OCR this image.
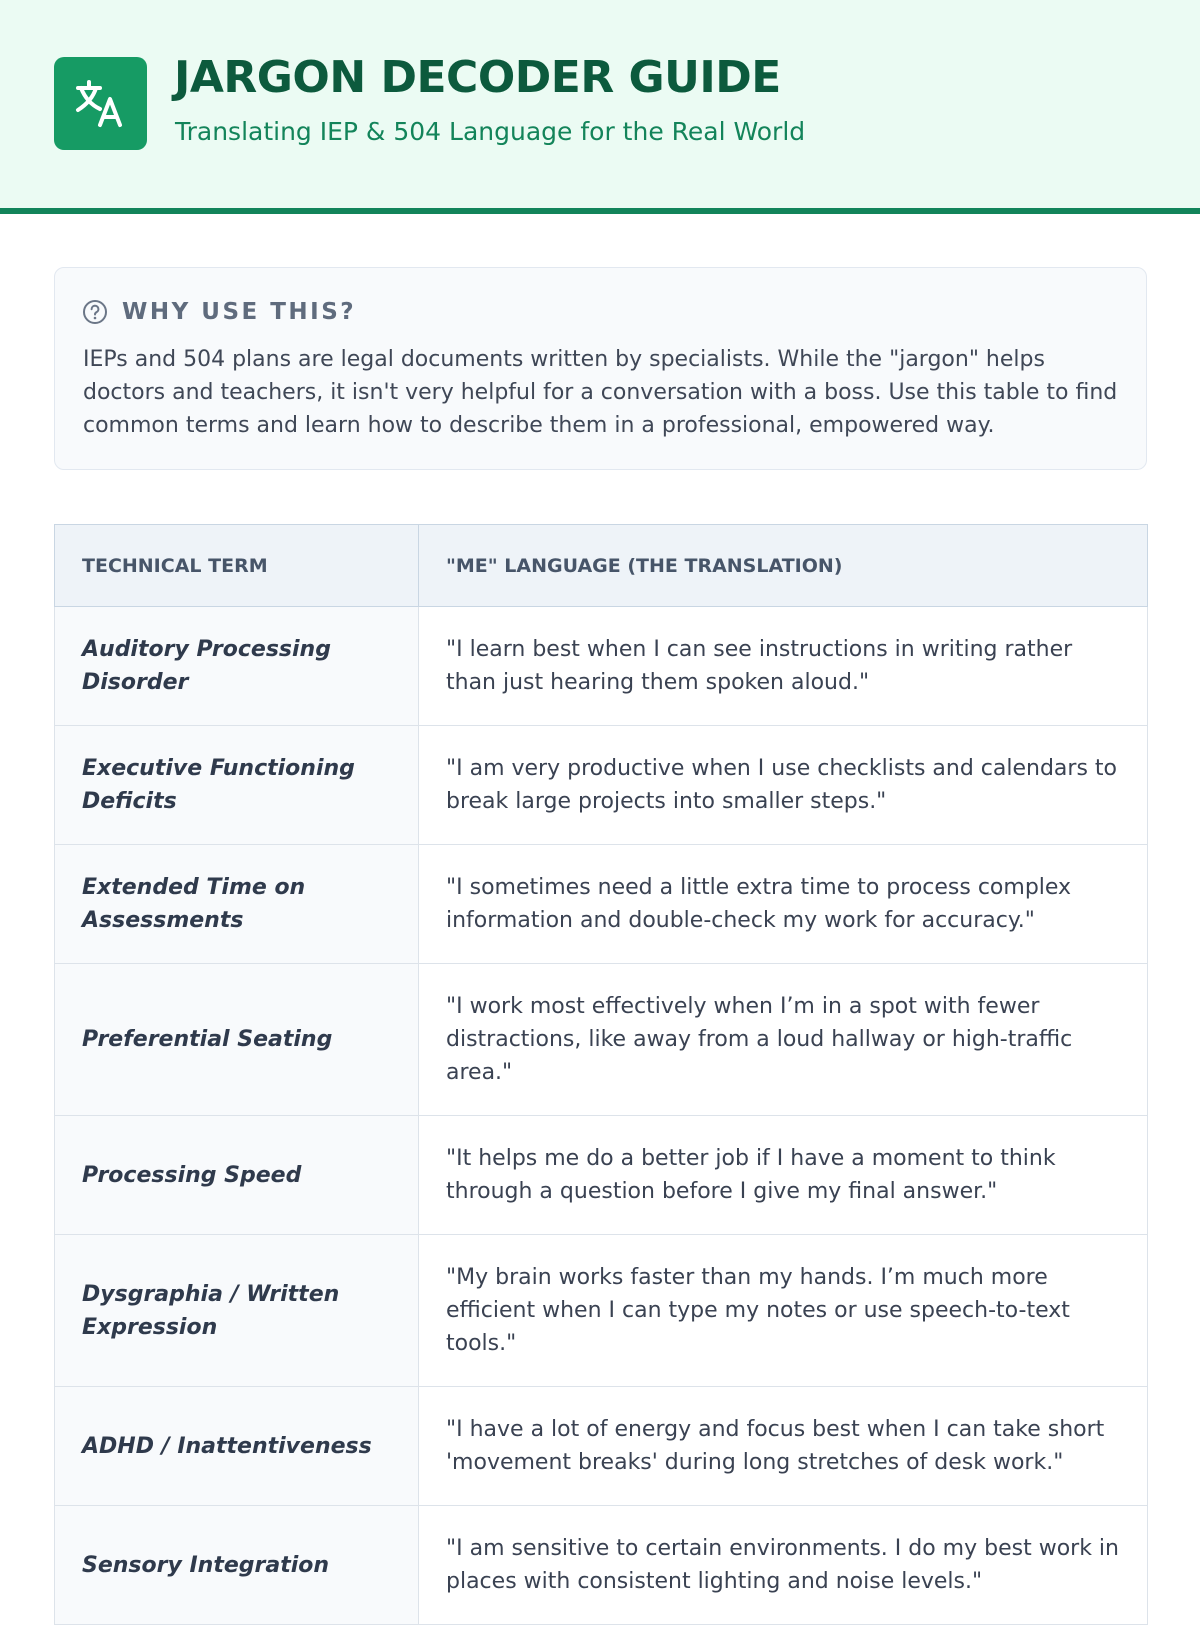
JARGON DECODER GUIDE
Translating IEP & 504 Language for the Real World
WHY USE THIS?

IEPs and 504 plans are legal documents written by specialists. While the "jargon" helps doctors and teachers, it isn't very helpful for a conversation with a boss. Use this table to find common terms and learn how to describe them in a professional, empowered way.

TECHNICAL TERM	"ME" LANGUAGE (THE TRANSLATION)
Auditory Processing Disorder	"I learn best when I can see instructions in writing rather than just hearing them spoken aloud."
Executive Functioning Deficits	"I am very productive when I use checklists and calendars to break large projects into smaller steps."
Extended Time on Assessments	"I sometimes need a little extra time to process complex information and double-check my work for accuracy."
Preferential Seating	"I work most effectively when I’m in a spot with fewer distractions, like away from a loud hallway or high-traffic area."
Processing Speed	"It helps me do a better job if I have a moment to think through a question before I give my final answer."
Dysgraphia / Written Expression	"My brain works faster than my hands. I’m much more efficient when I can type my notes or use speech-to-text tools."
ADHD / Inattentiveness	"I have a lot of energy and focus best when I can take short 'movement breaks' during long stretches of desk work."
Sensory Integration	"I am sensitive to certain environments. I do my best work in places with consistent lighting and noise levels."
